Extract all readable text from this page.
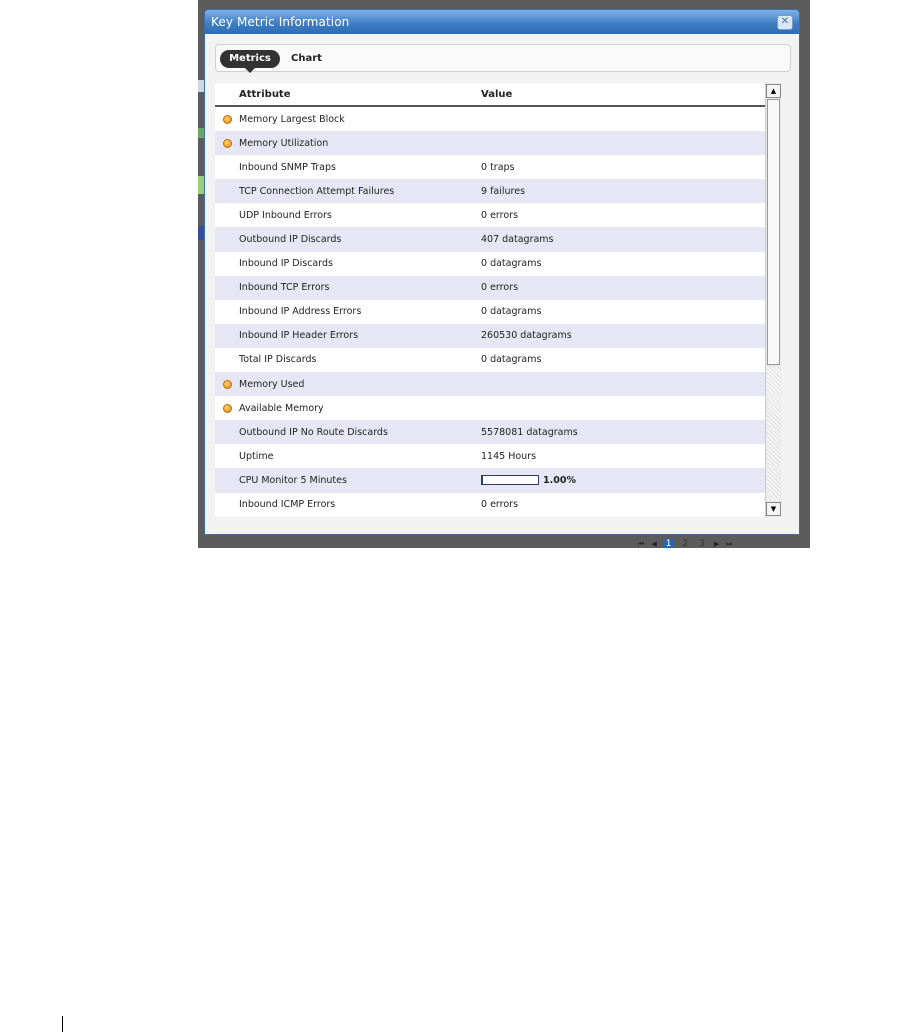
⏮ ◀ 1 2 3 ▶ ⏭
Key Metric Information	✕
Metrics	Chart
Attribute	Value
Memory Largest Block
Memory Utilization
Inbound SNMP Traps	0 traps
TCP Connection Attempt Failures	9 failures
UDP Inbound Errors	0 errors
Outbound IP Discards	407 datagrams
Inbound IP Discards	0 datagrams
Inbound TCP Errors	0 errors
Inbound IP Address Errors	0 datagrams
Inbound IP Header Errors	260530 datagrams
Total IP Discards	0 datagrams
Memory Used
Available Memory
Outbound IP No Route Discards	5578081 datagrams
Uptime	1145 Hours
CPU Monitor 5 Minutes	1.00%
Inbound ICMP Errors	0 errors
▲
▼
